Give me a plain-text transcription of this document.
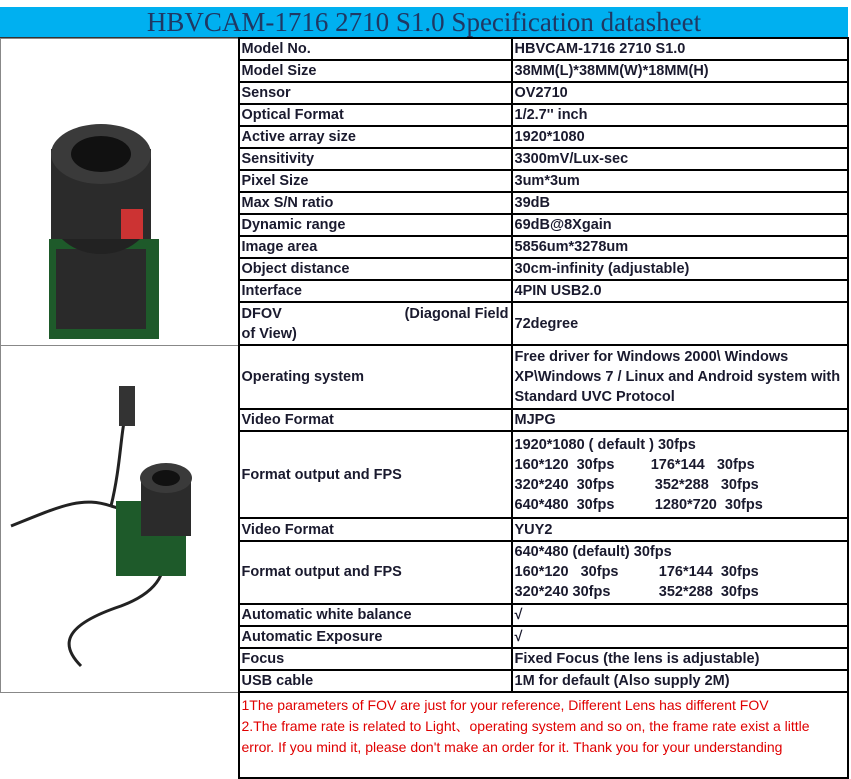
HBVCAM-1716 2710 S1.0 Specification datasheet
	Model No.	HBVCAM-1716 2710 S1.0
	Model Size	38MM(L)*38MM(W)*18MM(H)
	Sensor	OV2710
	Optical Format	1/2.7'' inch
	Active array size	1920*1080
	Sensitivity	3300mV/Lux-sec
	Pixel Size	3um*3um
	Max S/N ratio	39dB
	Dynamic range	69dB@8Xgain
	Image area	5856um*3278um
	Object distance	30cm-infinity (adjustable)
	Interface	4PIN USB2.0

	DFOV (Diagonal Field
of View)	72degree
	Operating system	Free driver for Windows 2000\ Windows XP\Windows 7 / Linux and Android system with Standard UVC Protocol
	Video Format	MJPG
	Format output and FPS	1920*1080 ( default ) 30fps
160*120  30fps         176*144   30fps
320*240  30fps          352*288   30fps
640*480  30fps          1280*720  30fps
	Video Format	YUY2
	Format output and FPS	640*480 (default) 30fps
160*120   30fps          176*144  30fps
320*240 30fps            352*288  30fps
	Automatic white balance	√
	Automatic Exposure	√
	Focus	Fixed Focus (the lens is adjustable)
	USB cable	1M for default (Also supply 2M)

	1The parameters of FOV are just for your reference, Different Lens has different FOV
2.The frame rate is related to Light、operating system and so on, the frame rate exist a little error. If you mind it, please don't make an order for it. Thank you for your understanding	
